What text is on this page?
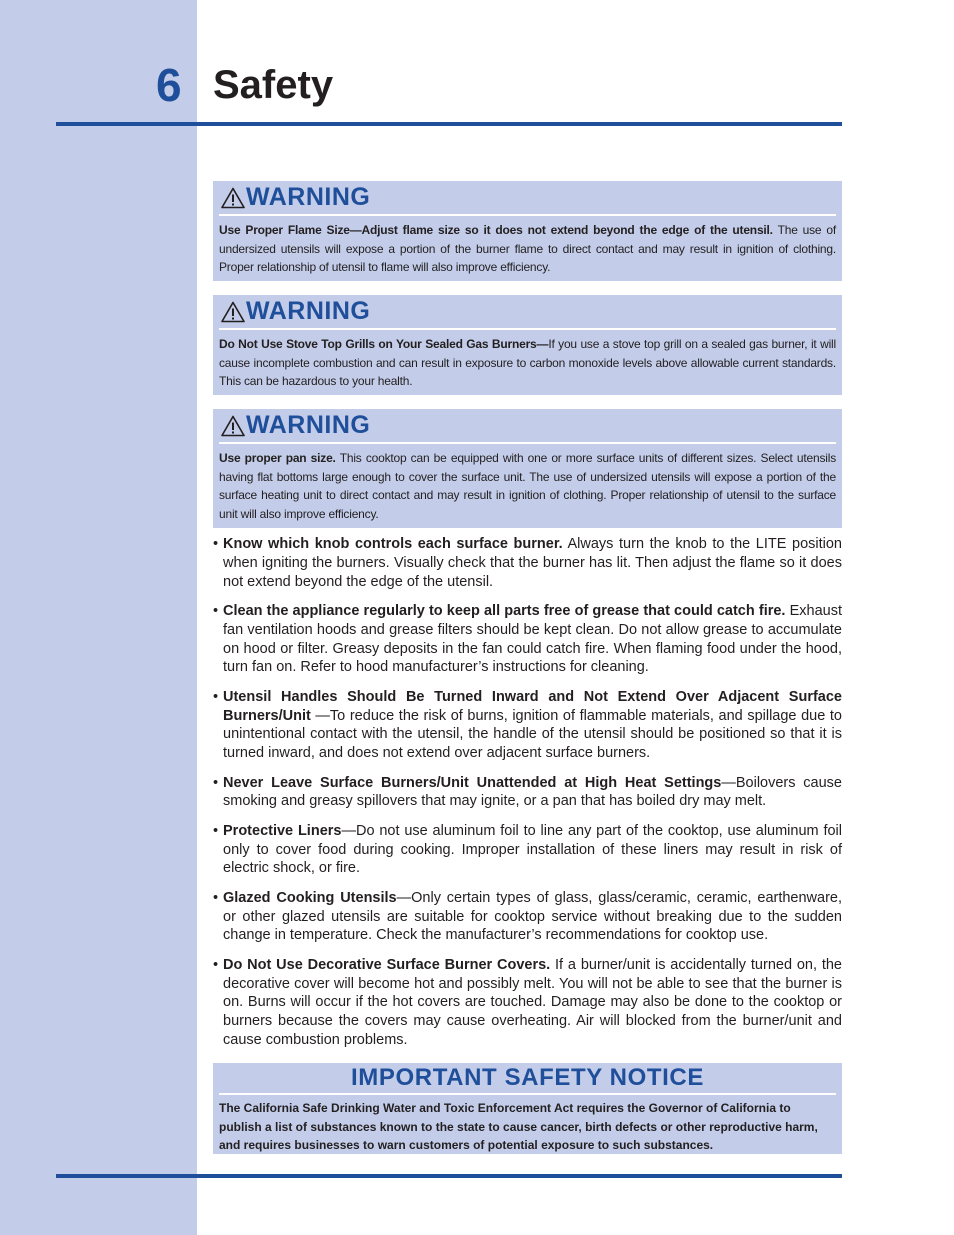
6 Safety
WARNING
Use Proper Flame Size—Adjust flame size so it does not extend beyond the edge of the utensil. The use of undersized utensils will expose a portion of the burner flame to direct contact and may result in ignition of clothing. Proper relationship of utensil to flame will also improve efficiency.
WARNING
Do Not Use Stove Top Grills on Your Sealed Gas Burners—If you use a stove top grill on a sealed gas burner, it will cause incomplete combustion and can result in exposure to carbon monoxide levels above allowable current standards. This can be hazardous to your health.
WARNING
Use proper pan size. This cooktop can be equipped with one or more surface units of different sizes. Select utensils having flat bottoms large enough to cover the surface unit. The use of undersized utensils will expose a portion of the surface heating unit to direct contact and may result in ignition of clothing. Proper relationship of utensil to the surface unit will also improve efficiency.
• Know which knob controls each surface burner. Always turn the knob to the LITE position when igniting the burners. Visually check that the burner has lit. Then adjust the flame so it does not extend beyond the edge of the utensil.
• Clean the appliance regularly to keep all parts free of grease that could catch fire. Exhaust fan ventilation hoods and grease filters should be kept clean. Do not allow grease to accumulate on hood or filter. Greasy deposits in the fan could catch fire. When flaming food under the hood, turn fan on. Refer to hood manufacturer’s instructions for cleaning.
• Utensil Handles Should Be Turned Inward and Not Extend Over Adjacent Surface Burners/Unit —To reduce the risk of burns, ignition of flammable materials, and spillage due to unintentional contact with the utensil, the handle of the utensil should be positioned so that it is turned inward, and does not extend over adjacent surface burners.
• Never Leave Surface Burners/Unit Unattended at High Heat Settings—Boilovers cause smoking and greasy spillovers that may ignite, or a pan that has boiled dry may melt.
• Protective Liners—Do not use aluminum foil to line any part of the cooktop, use aluminum foil only to cover food during cooking. Improper installation of these liners may result in risk of electric shock, or fire.
• Glazed Cooking Utensils—Only certain types of glass, glass/ceramic, ceramic, earthenware, or other glazed utensils are suitable for cooktop service without breaking due to the sudden change in temperature. Check the manufacturer’s recommendations for cooktop use.
• Do Not Use Decorative Surface Burner Covers. If a burner/unit is accidentally turned on, the decorative cover will become hot and possibly melt. You will not be able to see that the burner is on. Burns will occur if the hot covers are touched. Damage may also be done to the cooktop or burners because the covers may cause overheating. Air will blocked from the burner/unit and cause combustion problems.
IMPORTANT SAFETY NOTICE
The California Safe Drinking Water and Toxic Enforcement Act requires the Governor of California to publish a list of substances known to the state to cause cancer, birth defects or other reproductive harm, and requires businesses to warn customers of potential exposure to such substances.
